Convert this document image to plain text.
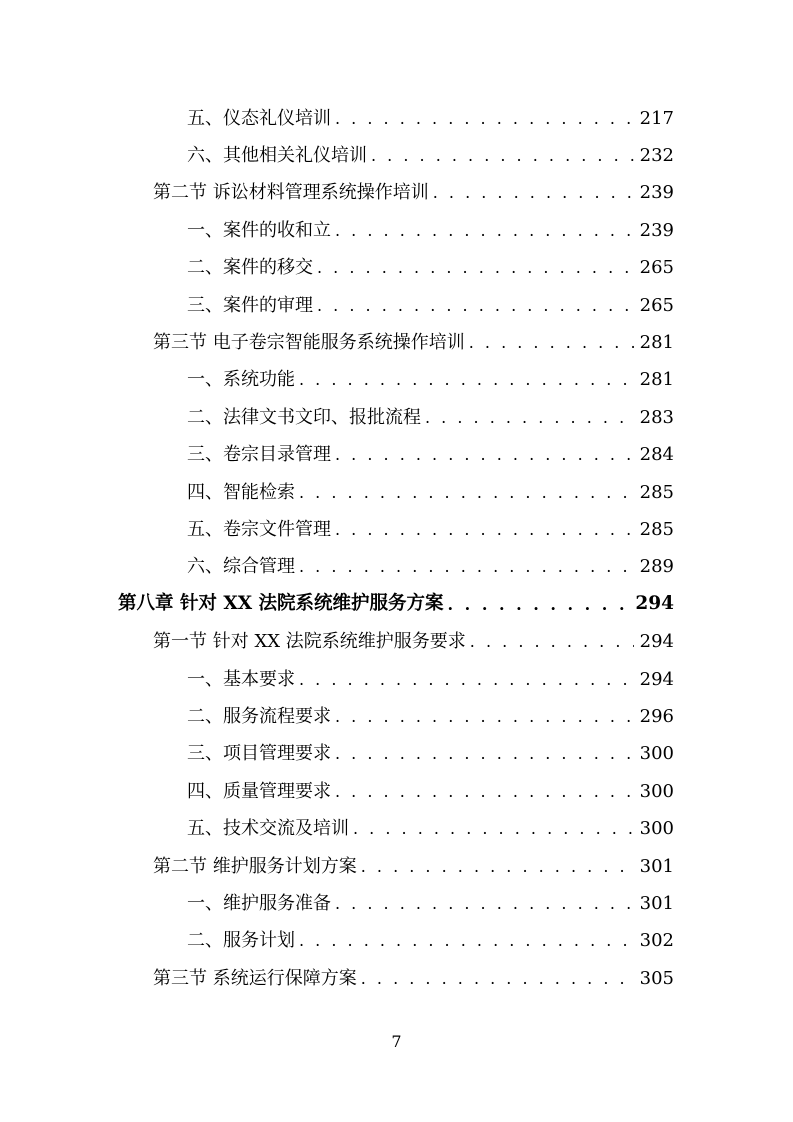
五、仪态礼仪培训 . . .	217
六、其他相关礼仪培训 . . .	232
第二节 诉讼材料管理系统操作培训 . . .	239
一、案件的收和立 . . .	239
二、案件的移交 . . .	265
三、案件的审理 . . .	265
第三节 电子卷宗智能服务系统操作培训 . . .	281
一、系统功能 . . .	281
二、法律文书文印、报批流程 . . .	283
三、卷宗目录管理 . . .	284
四、智能检索 . . .	285
五、卷宗文件管理 . . .	285
六、综合管理 . . .	289
第八章 针对 XX 法院系统维护服务方案 . . .	294
第一节 针对 XX 法院系统维护服务要求 . . .	294
一、基本要求 . . .	294
二、服务流程要求 . . .	296
三、项目管理要求 . . .	300
四、质量管理要求 . . .	300
五、技术交流及培训 . . .	300
第二节 维护服务计划方案 . . .	301
一、维护服务准备 . . .	301
二、服务计划 . . .	302
第三节 系统运行保障方案 . . .	305
7
